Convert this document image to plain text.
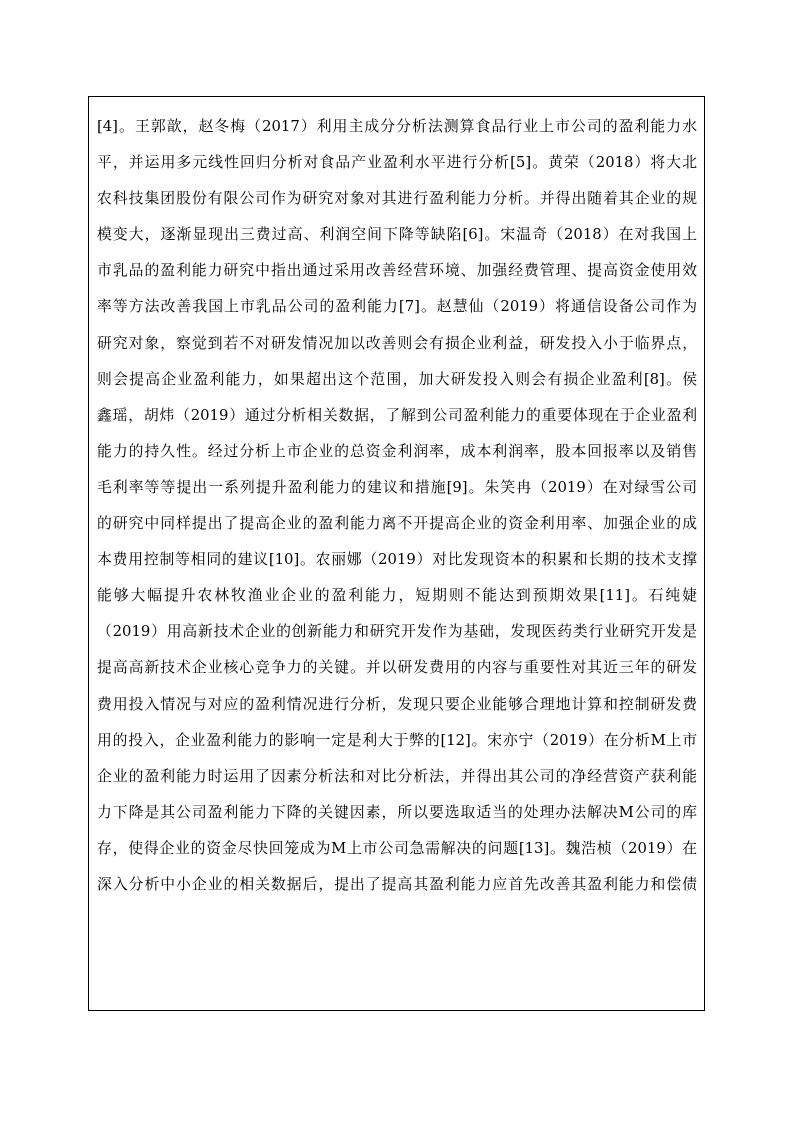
[4]。王郭歆，赵冬梅（2017）利用主成分分析法测算食品行业上市公司的盈利能力水
平，并运用多元线性回归分析对食品产业盈利水平进行分析[5]。黄荣（2018）将大北
农科技集团股份有限公司作为研究对象对其进行盈利能力分析。并得出随着其企业的规
模变大，逐渐显现出三费过高、利润空间下降等缺陷[6]。宋温奇（2018）在对我国上
市乳品的盈利能力研究中指出通过采用改善经营环境、加强经费管理、提高资金使用效
率等方法改善我国上市乳品公司的盈利能力[7]。赵慧仙（2019）将通信设备公司作为
研究对象，察觉到若不对研发情况加以改善则会有损企业利益，研发投入小于临界点，
则会提高企业盈利能力，如果超出这个范围，加大研发投入则会有损企业盈利[8]。侯
鑫瑶，胡炜（2019）通过分析相关数据，了解到公司盈利能力的重要体现在于企业盈利
能力的持久性。经过分析上市企业的总资金利润率，成本利润率，股本回报率以及销售
毛利率等等提出一系列提升盈利能力的建议和措施[9]。朱笑冉（2019）在对绿雪公司
的研究中同样提出了提高企业的盈利能力离不开提高企业的资金利用率、加强企业的成
本费用控制等相同的建议[10]。农丽娜（2019）对比发现资本的积累和长期的技术支撑
能够大幅提升农林牧渔业企业的盈利能力，短期则不能达到预期效果[11]。石纯婕
（2019）用高新技术企业的创新能力和研究开发作为基础，发现医药类行业研究开发是
提高高新技术企业核心竞争力的关键。并以研发费用的内容与重要性对其近三年的研发
费用投入情况与对应的盈利情况进行分析，发现只要企业能够合理地计算和控制研发费
用的投入，企业盈利能力的影响一定是利大于弊的[12]。宋亦宁（2019）在分析M上市
企业的盈利能力时运用了因素分析法和对比分析法，并得出其公司的净经营资产获利能
力下降是其公司盈利能力下降的关键因素，所以要选取适当的处理办法解决M公司的库
存，使得企业的资金尽快回笼成为M上市公司急需解决的问题[13]。魏浩桢（2019）在
深入分析中小企业的相关数据后，提出了提高其盈利能力应首先改善其盈利能力和偿债
